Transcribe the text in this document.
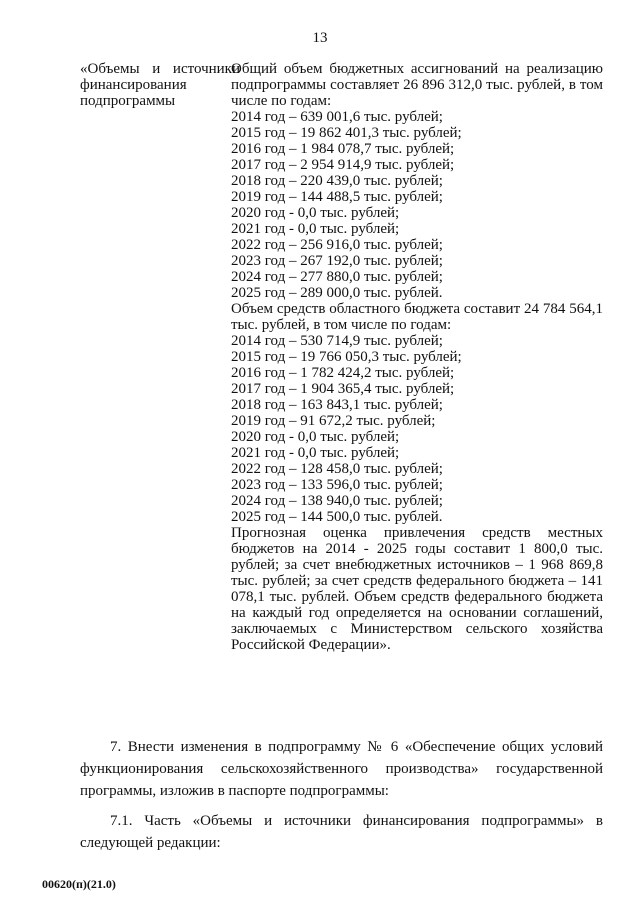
13
«Объемы и источники финансирования подпрограммы

Общий объем бюджетных ассигнований на реализацию подпрограммы составляет 26 896 312,0 тыс. рублей, в том числе по годам:

2014 год – 639 001,6 тыс. рублей;
2015 год – 19 862 401,3 тыс. рублей;
2016 год – 1 984 078,7 тыс. рублей;
2017 год – 2 954 914,9 тыс. рублей;
2018 год – 220 439,0 тыс. рублей;
2019 год – 144 488,5 тыс. рублей;
2020 год - 0,0 тыс. рублей;
2021 год - 0,0 тыс. рублей;
2022 год – 256 916,0 тыс. рублей;
2023 год – 267 192,0 тыс. рублей;
2024 год – 277 880,0 тыс. рублей;
2025 год – 289 000,0 тыс. рублей.

Объем средств областного бюджета составит 24 784 564,1 тыс. рублей, в том числе по годам:

2014 год – 530 714,9 тыс. рублей;
2015 год – 19 766 050,3 тыс. рублей;
2016 год – 1 782 424,2 тыс. рублей;
2017 год – 1 904 365,4 тыс. рублей;
2018 год – 163 843,1 тыс. рублей;
2019 год – 91 672,2 тыс. рублей;
2020 год - 0,0 тыс. рублей;
2021 год - 0,0 тыс. рублей;
2022 год – 128 458,0 тыс. рублей;
2023 год – 133 596,0 тыс. рублей;
2024 год – 138 940,0 тыс. рублей;
2025 год – 144 500,0 тыс. рублей.

Прогнозная оценка привлечения средств местных бюджетов на 2014 - 2025 годы составит 1 800,0 тыс. рублей; за счет внебюджетных источников – 1 968 869,8 тыс. рублей; за счет средств федерального бюджета – 141 078,1 тыс. рублей. Объем средств федерального бюджета на каждый год определяется на основании соглашений, заключаемых с Министерством сельского хозяйства Российской Федерации».

7. Внести изменения в подпрограмму № 6 «Обеспечение общих условий функционирования сельскохозяйственного производства» государственной программы, изложив в паспорте подпрограммы:

7.1. Часть «Объемы и источники финансирования подпрограммы» в следующей редакции:

00620(п)(21.0)
